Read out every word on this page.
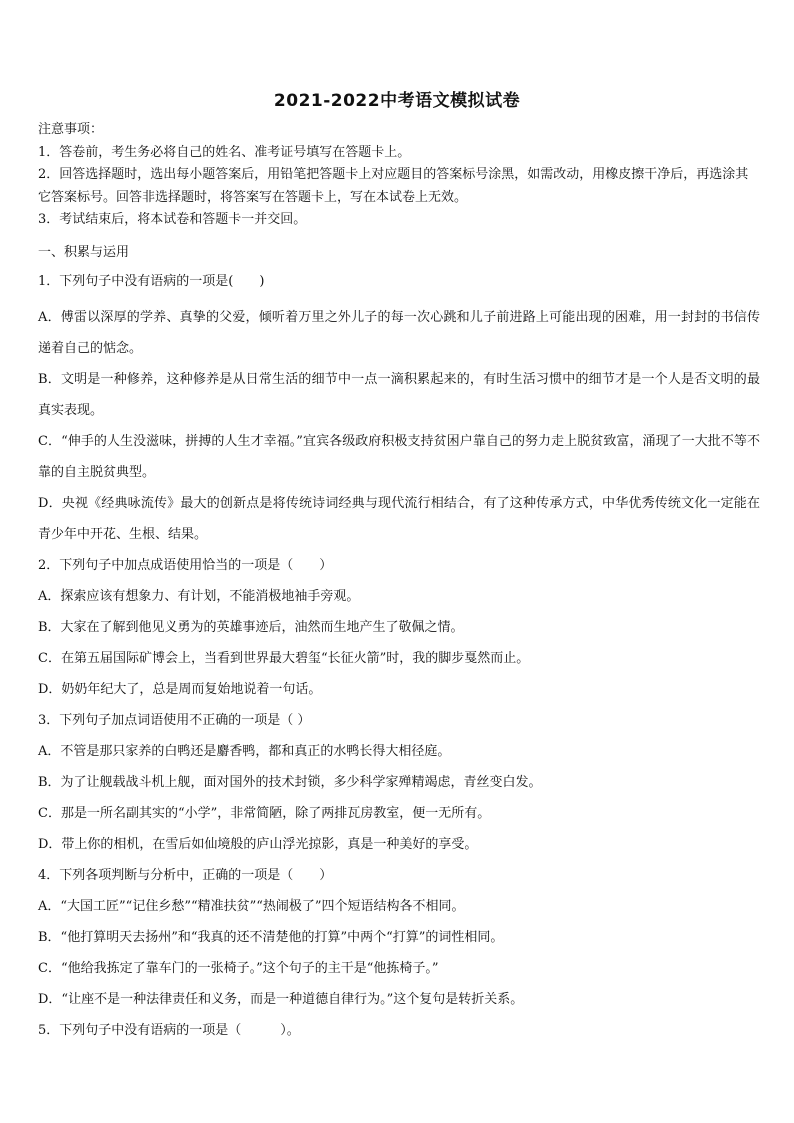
2021-2022中考语文模拟试卷
注意事项：
1．答卷前，考生务必将自己的姓名、准考证号填写在答题卡上。
2．回答选择题时，选出每小题答案后，用铅笔把答题卡上对应题目的答案标号涂黑，如需改动，用橡皮擦干净后，再选涂其它答案标号。回答非选择题时，将答案写在答题卡上，写在本试卷上无效。
3．考试结束后，将本试卷和答题卡一并交回。
一、积累与运用
1．下列句子中没有语病的一项是(　　)
A．傅雷以深厚的学养、真挚的父爱，倾听着万里之外儿子的每一次心跳和儿子前进路上可能出现的困难，用一封封的书信传递着自己的惦念。
B．文明是一种修养，这种修养是从日常生活的细节中一点一滴积累起来的，有时生活习惯中的细节才是一个人是否文明的最真实表现。
C．“伸手的人生没滋味，拼搏的人生才幸福。”宜宾各级政府积极支持贫困户靠自己的努力走上脱贫致富，涌现了一大批不等不靠的自主脱贫典型。
D．央视《经典咏流传》最大的创新点是将传统诗词经典与现代流行相结合，有了这种传承方式，中华优秀传统文化一定能在青少年中开花、生根、结果。
2．下列句子中加点成语使用恰当的一项是（　　）
A．探索应该有想象力、有计划，不能消极地袖手旁观。
B．大家在了解到他见义勇为的英雄事迹后，油然而生地产生了敬佩之情。
C．在第五届国际矿博会上，当看到世界最大碧玺“长征火箭”时，我的脚步戛然而止。
D．奶奶年纪大了，总是周而复始地说着一句话。
3．下列句子加点词语使用不正确的一项是（ ）
A．不管是那只家养的白鸭还是麝香鸭，都和真正的水鸭长得大相径庭。
B．为了让舰载战斗机上舰，面对国外的技术封锁，多少科学家殚精竭虑，青丝变白发。
C．那是一所名副其实的“小学”，非常简陋，除了两排瓦房教室，便一无所有。
D．带上你的相机，在雪后如仙境般的庐山浮光掠影，真是一种美好的享受。
4．下列各项判断与分析中，正确的一项是（　　）
A．“大国工匠”“记住乡愁”“精准扶贫”“热闹极了”四个短语结构各不相同。
B．“他打算明天去扬州”和“我真的还不清楚他的打算”中两个“打算”的词性相同。
C．“他给我拣定了靠车门的一张椅子。”这个句子的主干是“他拣椅子。”
D．“让座不是一种法律责任和义务，而是一种道德自律行为。”这个复句是转折关系。
5．下列句子中没有语病的一项是（　　　）。
